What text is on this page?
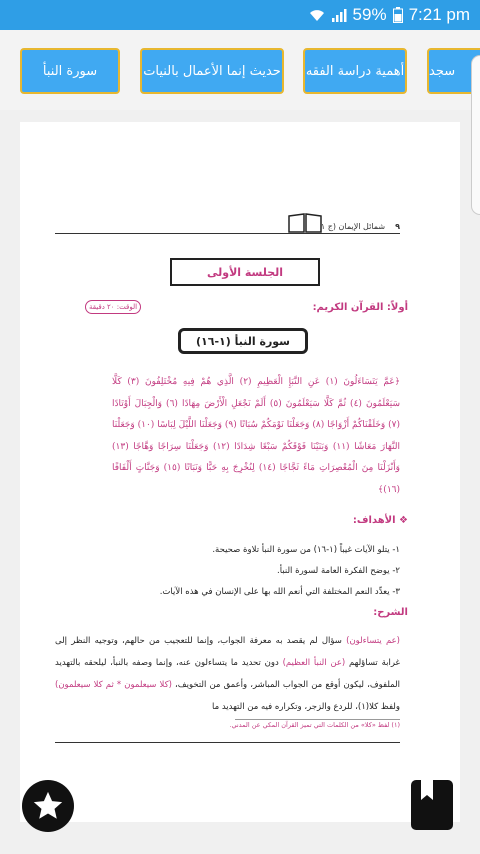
59% 7:21 pm
سورة النبأ	حديث إنما الأعمال بالنيات أهمية دراسة الفقه سجد
٩
شمائل الإيمان (ج ١
الجلسة الأولى
أولاً: القرآن الكريم:
الوقت: ٢٠ دقيقة
سورة النبأ (١-١٦)
﴿عَمَّ يَتَسَاءَلُونَ (١) عَنِ النَّبَإِ الْعَظِيمِ (٢) الَّذِي هُمْ فِيهِ مُخْتَلِفُونَ (٣) كَلَّا سَيَعْلَمُونَ (٤) ثُمَّ كَلَّا سَيَعْلَمُونَ (٥) أَلَمْ نَجْعَلِ الْأَرْضَ مِهَادًا (٦) وَالْجِبَالَ أَوْتَادًا (٧) وَخَلَقْنَاكُمْ أَزْوَاجًا (٨) وَجَعَلْنَا نَوْمَكُمْ سُبَاتًا (٩) وَجَعَلْنَا اللَّيْلَ لِبَاسًا (١٠) وَجَعَلْنَا النَّهَارَ مَعَاشًا (١١) وَبَنَيْنَا فَوْقَكُمْ سَبْعًا شِدَادًا (١٢) وَجَعَلْنَا سِرَاجًا وَهَّاجًا (١٣) وَأَنْزَلْنَا مِنَ الْمُعْصِرَاتِ مَاءً ثَجَّاجًا (١٤) لِنُخْرِجَ بِهِ حَبًّا وَنَبَاتًا (١٥) وَجَنَّاتٍ أَلْفَافًا (١٦)﴾
❖ الأهداف:
١- يتلو الآيات غيباً (١-١٦) من سورة النبأ تلاوة صحيحة.
٢- يوضح الفكرة العامة لسورة النبأ.
٣- يعدِّد النعم المختلفة التي أنعم الله بها على الإنسان في هذه الآيات.
الشرح:
(عم يتساءلون) سؤال لم يقصد به معرفة الجواب، وإنما للتعجيب من حالهم، وتوجيه النظر إلى غرابة تساؤلهم (عن النبأ العظيم) دون تحديد ما يتساءلون عنه، وإنما وصفه بالنبأ، ليلحقه بالتهديد الملفوف، ليكون أوقع من الجواب المباشر، وأعمق من التخويف، (كلا سيعلمون * ثم كلا سيعلمون) ولفظ كلا(١)، للردع والزجر، وتكراره فيه من التهديد ما
(١) لفظ «كلا» من الكلمات التي تميز القرآن المكي عن المدني.
